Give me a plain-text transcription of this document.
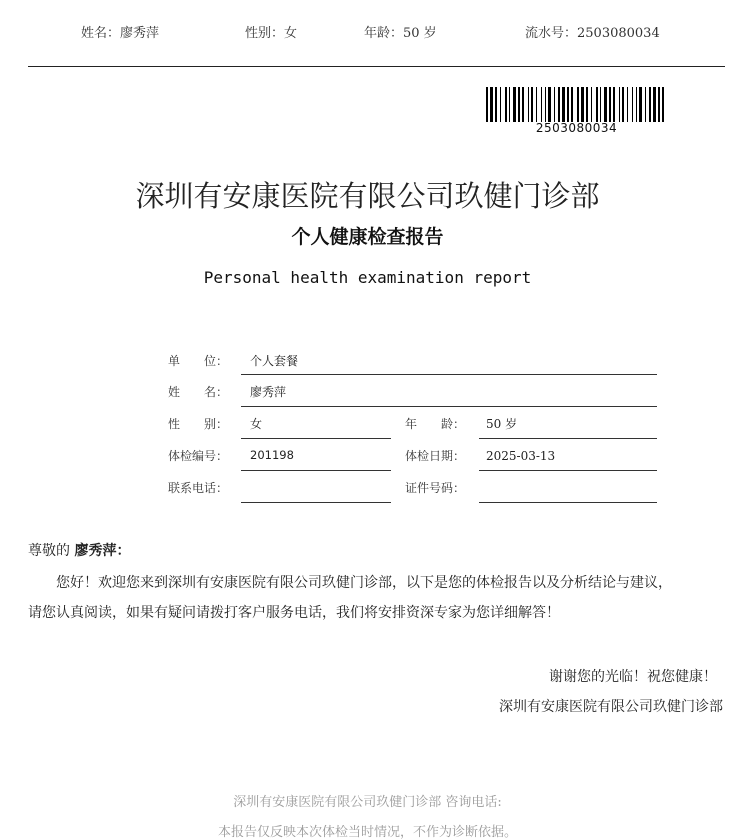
姓名：廖秀萍	性别：女	年龄：50 岁	流水号：2503080034
2503080034
深圳有安康医院有限公司玖健门诊部
个人健康检查报告
Personal health examination report
单　　位： 个人套餐
姓　　名： 廖秀萍
性　　别： 女	年　　龄： 50 岁
体检编号： 201198	体检日期： 2025-03-13
联系电话：	证件号码：
尊敬的 廖秀萍：
您好！欢迎您来到深圳有安康医院有限公司玖健门诊部，以下是您的体检报告以及分析结论与建议，
请您认真阅读，如果有疑问请拨打客户服务电话，我们将安排资深专家为您详细解答！
谢谢您的光临！祝您健康！
深圳有安康医院有限公司玖健门诊部
深圳有安康医院有限公司玖健门诊部 咨询电话:
本报告仅反映本次体检当时情况，不作为诊断依据。
